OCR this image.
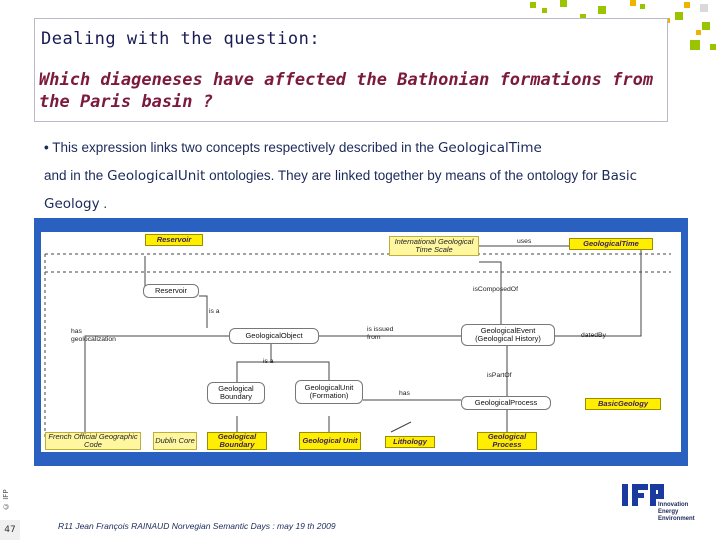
© IFP
47
Dealing with the question:
Which diageneses have affected the Bathonian formations from the Paris basin ?
• This expression links two concepts respectively described in the GeologicalTime
and in the GeologicalUnit ontologies. They are linked together by means of the ontology for Basic Geology .
Reservoir	International Geological Time Scale
uses	GeologicalTime
Reservoir	isComposedOf
is a
has geolocalization	GeologicalObject
is issued from
GeologicalEvent (Geological History)	datedBy
is a
isPartOf
Geological Boundary
GeologicalUnit (Formation)	has
GeologicalProcess	BasicGeology
French Official Geographic Code	Dublin Core	Geological Boundary	Geological Unit	Lithology
Geological Process
R11 Jean François RAINAUD Norvegian Semantic Days : may 19 th 2009
Innovation
Energy
Environment
